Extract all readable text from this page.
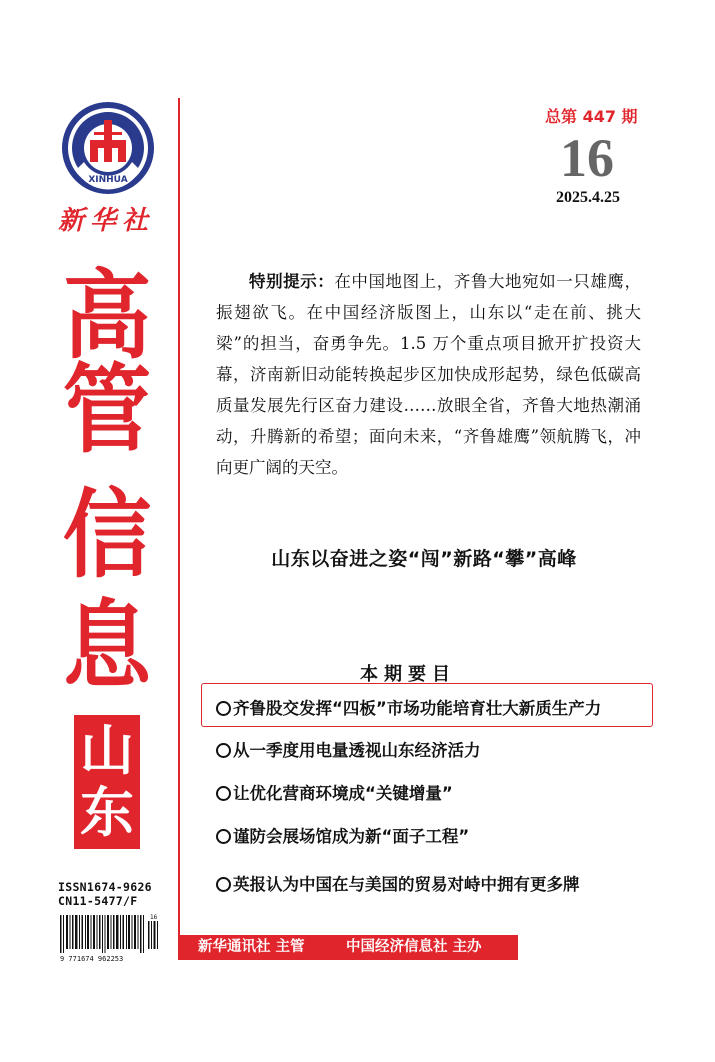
XINHUA
新华社
高
管
信
息
山
东
ISSN1674-9626
CN11-5477/F
16
9 771674 962253
总第 447 期
16
2025.4.25
特别提示：在中国地图上，齐鲁大地宛如一只雄鹰，振翅欲飞。在中国经济版图上，山东以“走在前、挑大梁”的担当，奋勇争先。1.5 万个重点项目掀开扩投资大幕，济南新旧动能转换起步区加快成形起势，绿色低碳高质量发展先行区奋力建设……放眼全省，齐鲁大地热潮涌动，升腾新的希望；面向未来，“齐鲁雄鹰”领航腾飞，冲向更广阔的天空。
山东以奋进之姿“闯”新路“攀”高峰
本期要目
齐鲁股交发挥“四板”市场功能培育壮大新质生产力
从一季度用电量透视山东经济活力
让优化营商环境成“关键增量”
谨防会展场馆成为新“面子工程”
英报认为中国在与美国的贸易对峙中拥有更多牌
新华通讯社 主管	中国经济信息社 主办
